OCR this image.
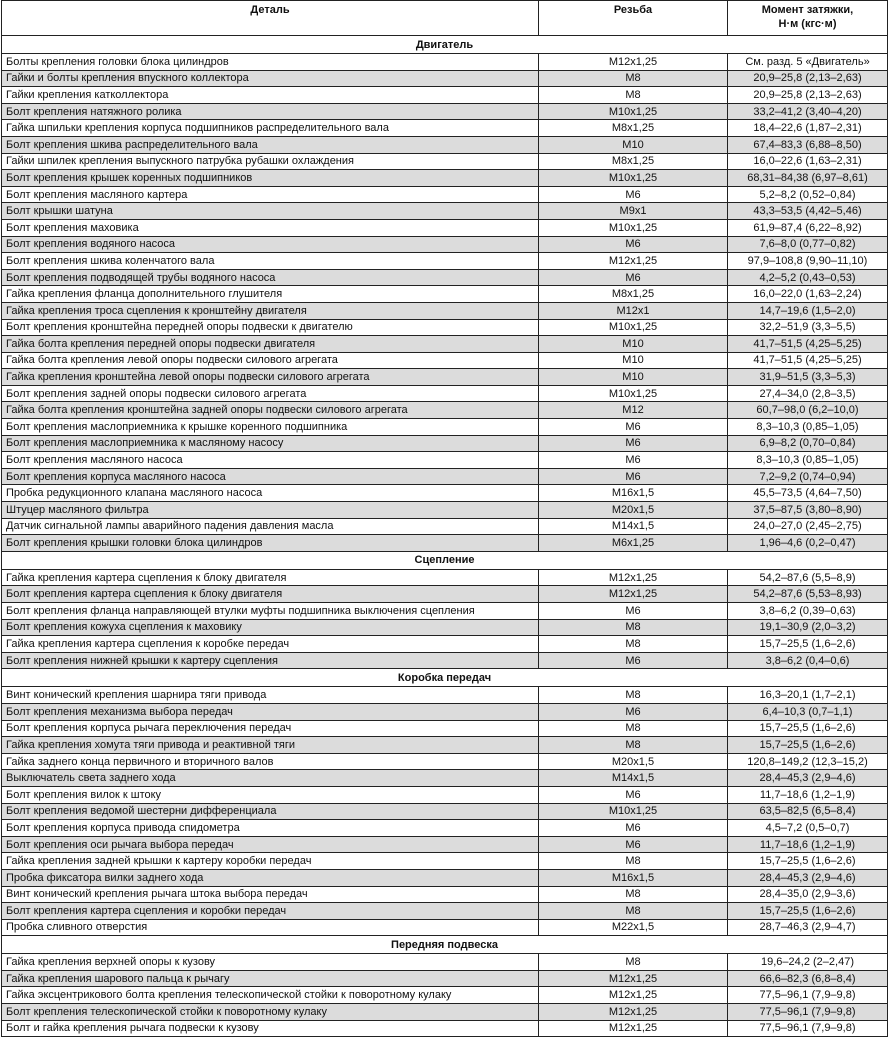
Деталь	Резьба	Момент затяжки,
Н·м (кгс·м)
Двигатель		
Болты крепления головки блока цилиндров	M12x1,25	См. разд. 5 «Двигатель»
Гайки и болты крепления впускного коллектора	M8	20,9–25,8 (2,13–2,63)
Гайки крепления катколлектора	M8	20,9–25,8 (2,13–2,63)
Болт крепления натяжного ролика	M10x1,25	33,2–41,2 (3,40–4,20)
Гайка шпильки крепления корпуса подшипников распределительного вала	M8x1,25	18,4–22,6 (1,87–2,31)
Болт крепления шкива распределительного вала	M10	67,4–83,3 (6,88–8,50)
Гайки шпилек крепления выпускного патрубка рубашки охлаждения	M8x1,25	16,0–22,6 (1,63–2,31)
Болт крепления крышек коренных подшипников	M10x1,25	68,31–84,38 (6,97–8,61)
Болт крепления масляного картера	M6	5,2–8,2 (0,52–0,84)
Болт крышки шатуна	M9x1	43,3–53,5 (4,42–5,46)
Болт крепления маховика	M10x1,25	61,9–87,4 (6,22–8,92)
Болт крепления водяного насоса	M6	7,6–8,0 (0,77–0,82)
Болт крепления шкива коленчатого вала	M12x1,25	97,9–108,8 (9,90–11,10)
Болт крепления подводящей трубы водяного насоса	M6	4,2–5,2 (0,43–0,53)
Гайка крепления фланца дополнительного глушителя	M8x1,25	16,0–22,0 (1,63–2,24)
Гайка крепления троса сцепления к кронштейну двигателя	M12x1	14,7–19,6 (1,5–2,0)
Болт крепления кронштейна передней опоры подвески к двигателю	M10x1,25	32,2–51,9 (3,3–5,5)
Гайка болта крепления передней опоры подвески двигателя	M10	41,7–51,5 (4,25–5,25)
Гайка болта крепления левой опоры подвески силового агрегата	M10	41,7–51,5 (4,25–5,25)
Гайка крепления кронштейна левой опоры подвески силового агрегата	M10	31,9–51,5 (3,3–5,3)
Болт крепления задней опоры подвески силового агрегата	M10x1,25	27,4–34,0 (2,8–3,5)
Гайка болта крепления кронштейна задней опоры подвески силового агрегата	M12	60,7–98,0 (6,2–10,0)
Болт крепления маслоприемника к крышке коренного подшипника	M6	8,3–10,3 (0,85–1,05)
Болт крепления маслоприемника к масляному насосу	M6	6,9–8,2 (0,70–0,84)
Болт крепления масляного насоса	M6	8,3–10,3 (0,85–1,05)
Болт крепления корпуса масляного насоса	M6	7,2–9,2 (0,74–0,94)
Пробка редукционного клапана масляного насоса	M16x1,5	45,5–73,5 (4,64–7,50)
Штуцер масляного фильтра	M20x1,5	37,5–87,5 (3,80–8,90)
Датчик сигнальной лампы аварийного падения давления масла	M14x1,5	24,0–27,0 (2,45–2,75)
Болт крепления крышки головки блока цилиндров	M6x1,25	1,96–4,6 (0,2–0,47)
Сцепление		
Гайка крепления картера сцепления к блоку двигателя	M12x1,25	54,2–87,6 (5,5–8,9)
Болт крепления картера сцепления к блоку двигателя	M12x1,25	54,2–87,6 (5,53–8,93)
Болт крепления фланца направляющей втулки муфты подшипника выключения сцепления	M6	3,8–6,2 (0,39–0,63)
Болт крепления кожуха сцепления к маховику	M8	19,1–30,9 (2,0–3,2)
Гайка крепления картера сцепления к коробке передач	M8	15,7–25,5 (1,6–2,6)
Болт крепления нижней крышки к картеру сцепления	M6	3,8–6,2 (0,4–0,6)
Коробка передач		
Винт конический крепления шарнира тяги привода	M8	16,3–20,1 (1,7–2,1)
Болт крепления механизма выбора передач	M6	6,4–10,3 (0,7–1,1)
Болт крепления корпуса рычага переключения передач	M8	15,7–25,5 (1,6–2,6)
Гайка крепления хомута тяги привода и реактивной тяги	M8	15,7–25,5 (1,6–2,6)
Гайка заднего конца первичного и вторичного валов	M20x1,5	120,8–149,2 (12,3–15,2)
Выключатель света заднего хода	M14x1,5	28,4–45,3 (2,9–4,6)
Болт крепления вилок к штоку	M6	11,7–18,6 (1,2–1,9)
Болт крепления ведомой шестерни дифференциала	M10x1,25	63,5–82,5 (6,5–8,4)
Болт крепления корпуса привода спидометра	M6	4,5–7,2 (0,5–0,7)
Болт крепления оси рычага выбора передач	M6	11,7–18,6 (1,2–1,9)
Гайка крепления задней крышки к картеру коробки передач	M8	15,7–25,5 (1,6–2,6)
Пробка фиксатора вилки заднего хода	M16x1,5	28,4–45,3 (2,9–4,6)
Винт конический крепления рычага штока выбора передач	M8	28,4–35,0 (2,9–3,6)
Болт крепления картера сцепления и коробки передач	M8	15,7–25,5 (1,6–2,6)
Пробка сливного отверстия	M22x1,5	28,7–46,3 (2,9–4,7)
Передняя подвеска		
Гайка крепления верхней опоры к кузову	M8	19,6–24,2 (2–2,47)
Гайка крепления шарового пальца к рычагу	M12x1,25	66,6–82,3 (6,8–8,4)
Гайка эксцентрикового болта крепления телескопической стойки к поворотному кулаку	M12x1,25	77,5–96,1 (7,9–9,8)
Болт крепления телескопической стойки к поворотному кулаку	M12x1,25	77,5–96,1 (7,9–9,8)
Болт и гайка крепления рычага подвески к кузову	M12x1,25	77,5–96,1 (7,9–9,8)
